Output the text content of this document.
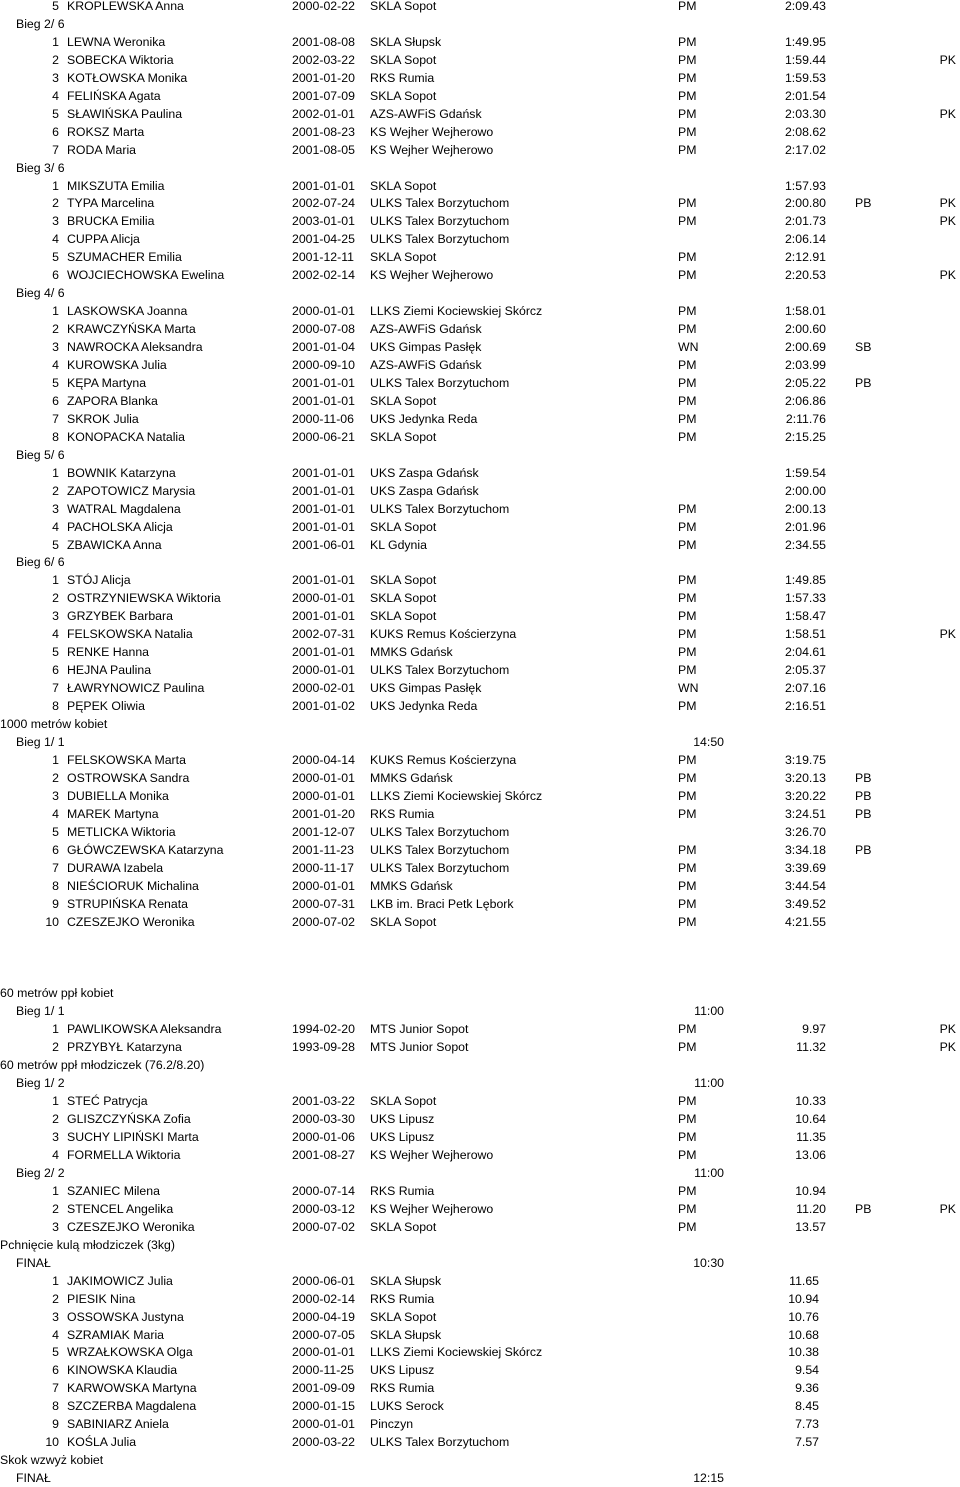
5 KROPLEWSKA Anna	2000-02-22 SKLA Sopot	PM	2:09.43
Bieg 2/ 6
1 LEWNA Weronika	2001-08-08 SKLA Słupsk	PM	1:49.95
2 SOBECKA Wiktoria	2002-03-22 SKLA Sopot	PM	1:59.44	PK
3 KOTŁOWSKA Monika	2001-01-20 RKS Rumia	PM	1:59.53
4 FELIŃSKA Agata	2001-07-09 SKLA Sopot	PM	2:01.54
5 SŁAWIŃSKA Paulina	2002-01-01 AZS-AWFiS Gdańsk	PM	2:03.30	PK
6 ROKSZ Marta	2001-08-23 KS Wejher Wejherowo	PM	2:08.62
7 RODA Maria	2001-08-05 KS Wejher Wejherowo	PM	2:17.02
Bieg 3/ 6
1 MIKSZUTA Emilia	2001-01-01 SKLA Sopot	1:57.93
2 TYPA Marcelina	2002-07-24 ULKS Talex Borzytuchom	PM	2:00.80 PB	PK
3 BRUCKA Emilia	2003-01-01 ULKS Talex Borzytuchom	PM	2:01.73	PK
4 CUPPA Alicja	2001-04-25 ULKS Talex Borzytuchom	2:06.14
5 SZUMACHER Emilia	2001-12-11 SKLA Sopot	PM	2:12.91
6 WOJCIECHOWSKA Ewelina	2002-02-14 KS Wejher Wejherowo	PM	2:20.53	PK
Bieg 4/ 6
1 LASKOWSKA Joanna	2000-01-01 LLKS Ziemi Kociewskiej Skórcz	PM	1:58.01
2 KRAWCZYŃSKA Marta	2000-07-08 AZS-AWFiS Gdańsk	PM	2:00.60
3 NAWROCKA Aleksandra	2001-01-04 UKS Gimpas Pasłęk	WN	2:00.69 SB
4 KUROWSKA Julia	2000-09-10 AZS-AWFiS Gdańsk	PM	2:03.99
5 KĘPA Martyna	2001-01-01 ULKS Talex Borzytuchom	PM	2:05.22 PB
6 ZAPORA Blanka	2001-01-01 SKLA Sopot	PM	2:06.86
7 SKROK Julia	2000-11-06 UKS Jedynka Reda	PM	2:11.76
8 KONOPACKA Natalia	2000-06-21 SKLA Sopot	PM	2:15.25
Bieg 5/ 6
1 BOWNIK Katarzyna	2001-01-01 UKS Zaspa Gdańsk	1:59.54
2 ZAPOTOWICZ Marysia	2001-01-01 UKS Zaspa Gdańsk	2:00.00
3 WATRAL Magdalena	2001-01-01 ULKS Talex Borzytuchom	PM	2:00.13
4 PACHOLSKA Alicja	2001-01-01 SKLA Sopot	PM	2:01.96
5 ZBAWICKA Anna	2001-06-01 KL Gdynia	PM	2:34.55
Bieg 6/ 6
1 STÓJ Alicja	2001-01-01 SKLA Sopot	PM	1:49.85
2 OSTRZYNIEWSKA Wiktoria	2000-01-01 SKLA Sopot	PM	1:57.33
3 GRZYBEK Barbara	2001-01-01 SKLA Sopot	PM	1:58.47
4 FELSKOWSKA Natalia	2002-07-31 KUKS Remus Kościerzyna	PM	1:58.51	PK
5 RENKE Hanna	2001-01-01 MMKS Gdańsk	PM	2:04.61
6 HEJNA Paulina	2000-01-01 ULKS Talex Borzytuchom	PM	2:05.37
7 ŁAWRYNOWICZ Paulina	2000-02-01 UKS Gimpas Pasłęk	WN	2:07.16
8 PĘPEK Oliwia	2001-01-02 UKS Jedynka Reda	PM	2:16.51
1000 metrów kobiet
Bieg 1/ 1	14:50
1 FELSKOWSKA Marta	2000-04-14 KUKS Remus Kościerzyna	PM	3:19.75
2 OSTROWSKA Sandra	2000-01-01 MMKS Gdańsk	PM	3:20.13 PB
3 DUBIELLA Monika	2000-01-01 LLKS Ziemi Kociewskiej Skórcz	PM	3:20.22 PB
4 MAREK Martyna	2001-01-20 RKS Rumia	PM	3:24.51 PB
5 METLICKA Wiktoria	2001-12-07 ULKS Talex Borzytuchom	3:26.70
6 GŁÓWCZEWSKA Katarzyna	2001-11-23 ULKS Talex Borzytuchom	PM	3:34.18 PB
7 DURAWA Izabela	2000-11-17 ULKS Talex Borzytuchom	PM	3:39.69
8 NIEŚCIORUK Michalina	2000-01-01 MMKS Gdańsk	PM	3:44.54
9 STRUPIŃSKA Renata	2000-07-31 LKB im. Braci Petk Lębork	PM	3:49.52
10 CZESZEJKO Weronika	2000-07-02 SKLA Sopot	PM	4:21.55
60 metrów ppł kobiet
Bieg 1/ 1	11:00
1 PAWLIKOWSKA Aleksandra	1994-02-20 MTS Junior Sopot	PM	9.97	PK
2 PRZYBYŁ Katarzyna	1993-09-28 MTS Junior Sopot	PM	11.32	PK
60 metrów ppł młodziczek (76.2/8.20)
Bieg 1/ 2	11:00
1 STEĆ Patrycja	2001-03-22 SKLA Sopot	PM	10.33
2 GLISZCZYŃSKA Zofia	2000-03-30 UKS Lipusz	PM	10.64
3 SUCHY LIPIŃSKI Marta	2000-01-06 UKS Lipusz	PM	11.35
4 FORMELLA Wiktoria	2001-08-27 KS Wejher Wejherowo	PM	13.06
Bieg 2/ 2	11:00
1 SZANIEC Milena	2000-07-14 RKS Rumia	PM	10.94
2 STENCEL Angelika	2000-03-12 KS Wejher Wejherowo	PM	11.20 PB	PK
3 CZESZEJKO Weronika	2000-07-02 SKLA Sopot	PM	13.57
Pchnięcie kulą młodziczek (3kg)
FINAŁ	10:30
1 JAKIMOWICZ Julia	2000-06-01 SKLA Słupsk	11.65
2 PIESIK Nina	2000-02-14 RKS Rumia	10.94
3 OSSOWSKA Justyna	2000-04-19 SKLA Sopot	10.76
4 SZRAMIAK Maria	2000-07-05 SKLA Słupsk	10.68
5 WRZAŁKOWSKA Olga	2000-01-01 LLKS Ziemi Kociewskiej Skórcz	10.38
6 KINOWSKA Klaudia	2000-11-25 UKS Lipusz	9.54
7 KARWOWSKA Martyna	2001-09-09 RKS Rumia	9.36
8 SZCZERBA Magdalena	2000-01-15 LUKS Serock	8.45
9 SABINIARZ Aniela	2000-01-01 Pinczyn	7.73
10 KOŚLA Julia	2000-03-22 ULKS Talex Borzytuchom	7.57
Skok wzwyż kobiet
FINAŁ	12:15
